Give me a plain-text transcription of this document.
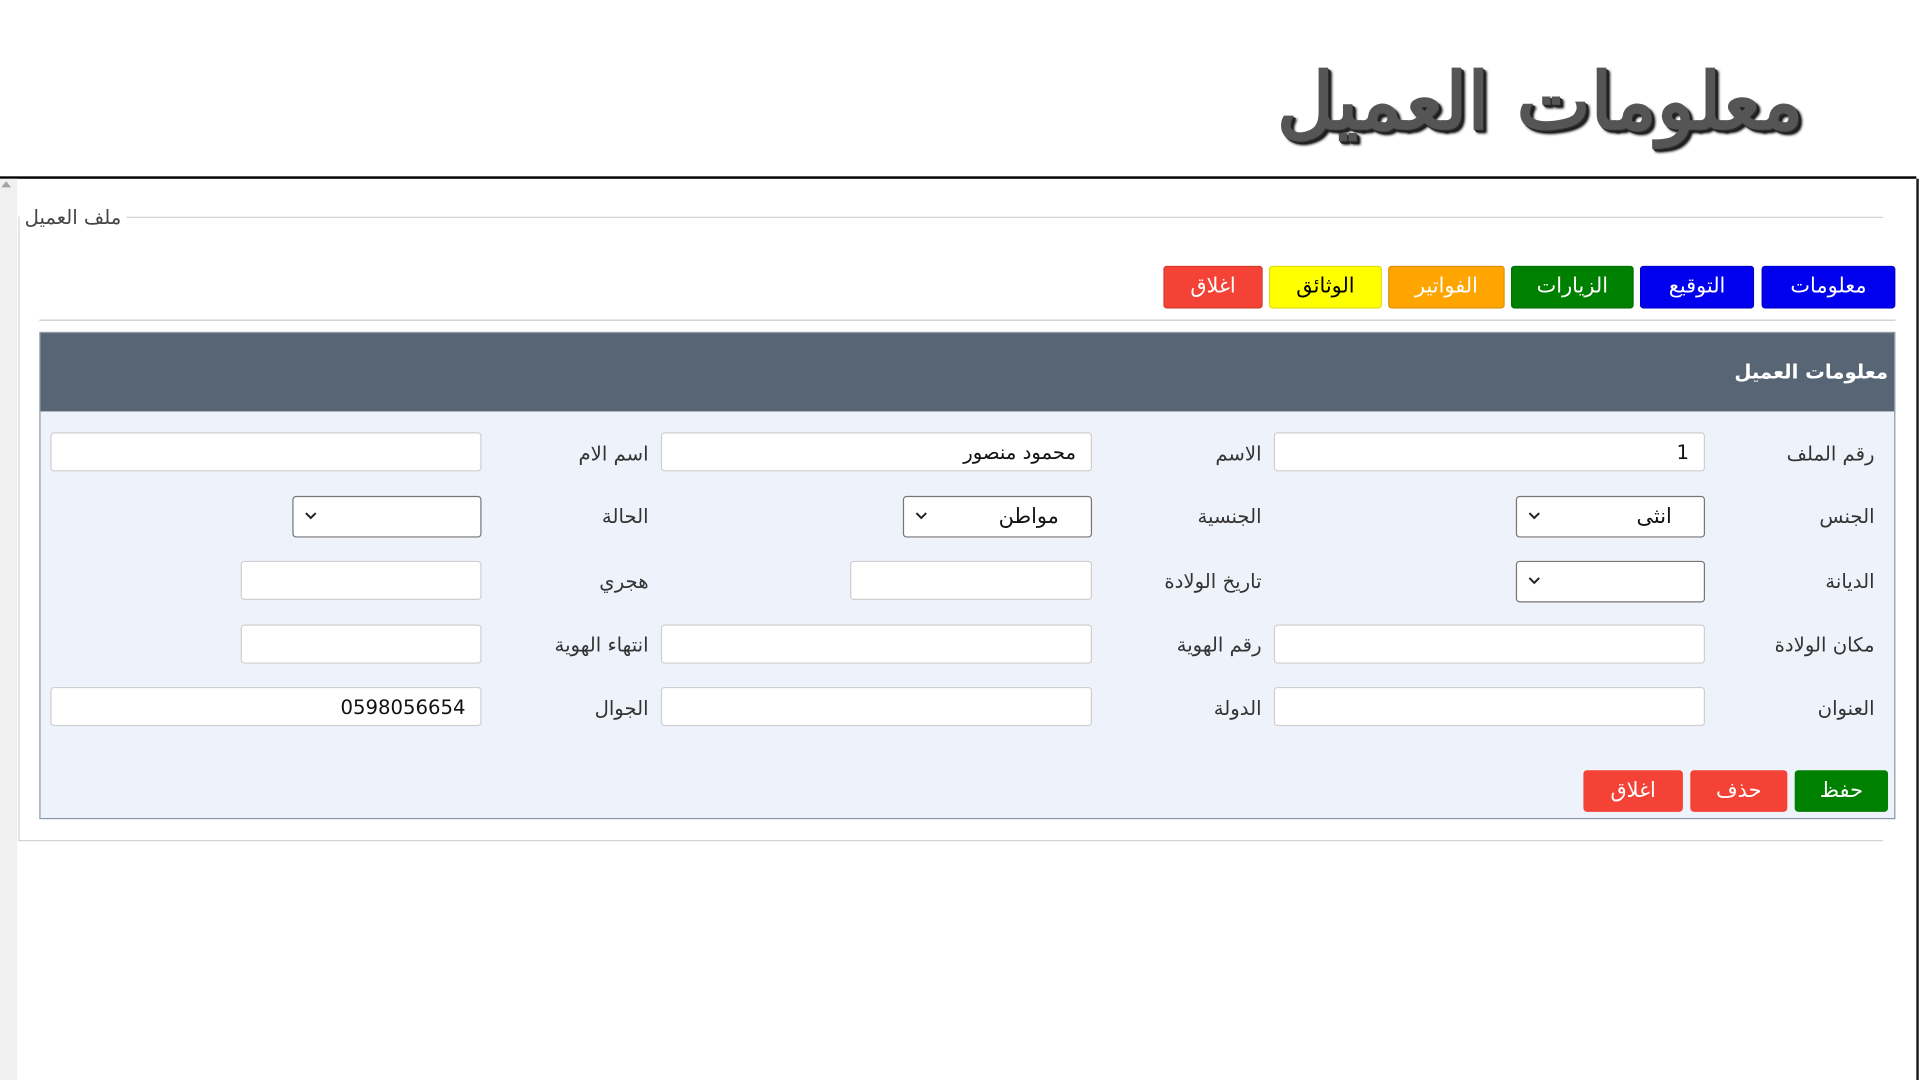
معلومات العميل
ملف العميل
معلومات
التوقيع
الزيارات
الفواتير
الوثائق
اغلاق
معلومات العميل
رقم الملف
1
الاسم
محمود منصور
اسم الام
الجنس
انثى
الجنسية
مواطن
الحالة
الديانة
تاريخ الولادة
هجري
مكان الولادة
رقم الهوية
انتهاء الهوية
العنوان
الدولة
الجوال
0598056654
حفظ
حذف
اغلاق
